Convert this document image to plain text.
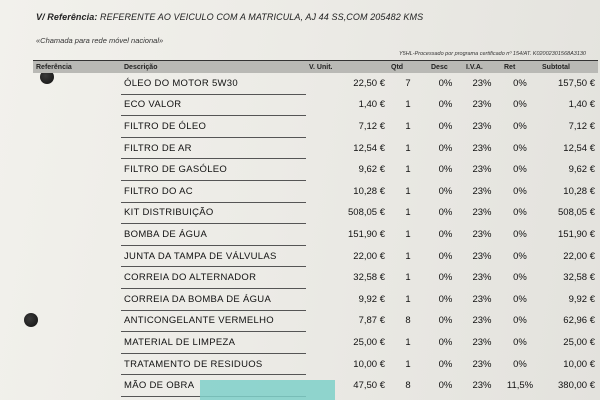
V/ Referência: REFERENTE AO VEICULO COM A MATRICULA, AJ 44 SS,COM 205482 KMS
«Chamada para rede móvel nacional»
Y5HL-Processado por programa certificado nº 154/AT. K02002301568A3130
Referência	Descrição	V. Unit.	Qtd	Desc	I.V.A.	Ret	Subtotal
	ÓLEO DO MOTOR 5W30	22,50 €	7	0%	23%	0%	157,50 €
	ECO VALOR	1,40 €	1	0%	23%	0%	1,40 €
	FILTRO DE ÓLEO	7,12 €	1	0%	23%	0%	7,12 €
	FILTRO DE AR	12,54 €	1	0%	23%	0%	12,54 €
	FILTRO DE GASÓLEO	9,62 €	1	0%	23%	0%	9,62 €
	FILTRO DO AC	10,28 €	1	0%	23%	0%	10,28 €
	KIT DISTRIBUIÇÃO	508,05 €	1	0%	23%	0%	508,05 €
	BOMBA DE ÁGUA	151,90 €	1	0%	23%	0%	151,90 €
	JUNTA DA TAMPA DE VÁLVULAS	22,00 €	1	0%	23%	0%	22,00 €
	CORREIA DO ALTERNADOR	32,58 €	1	0%	23%	0%	32,58 €
	CORREIA DA BOMBA DE ÁGUA	9,92 €	1	0%	23%	0%	9,92 €
	ANTICONGELANTE VERMELHO	7,87 €	8	0%	23%	0%	62,96 €
	MATERIAL DE LIMPEZA	25,00 €	1	0%	23%	0%	25,00 €
	TRATAMENTO DE RESIDUOS	10,00 €	1	0%	23%	0%	10,00 €
	MÃO DE OBRA	47,50 €	8	0%	23%	11,5%	380,00 €
